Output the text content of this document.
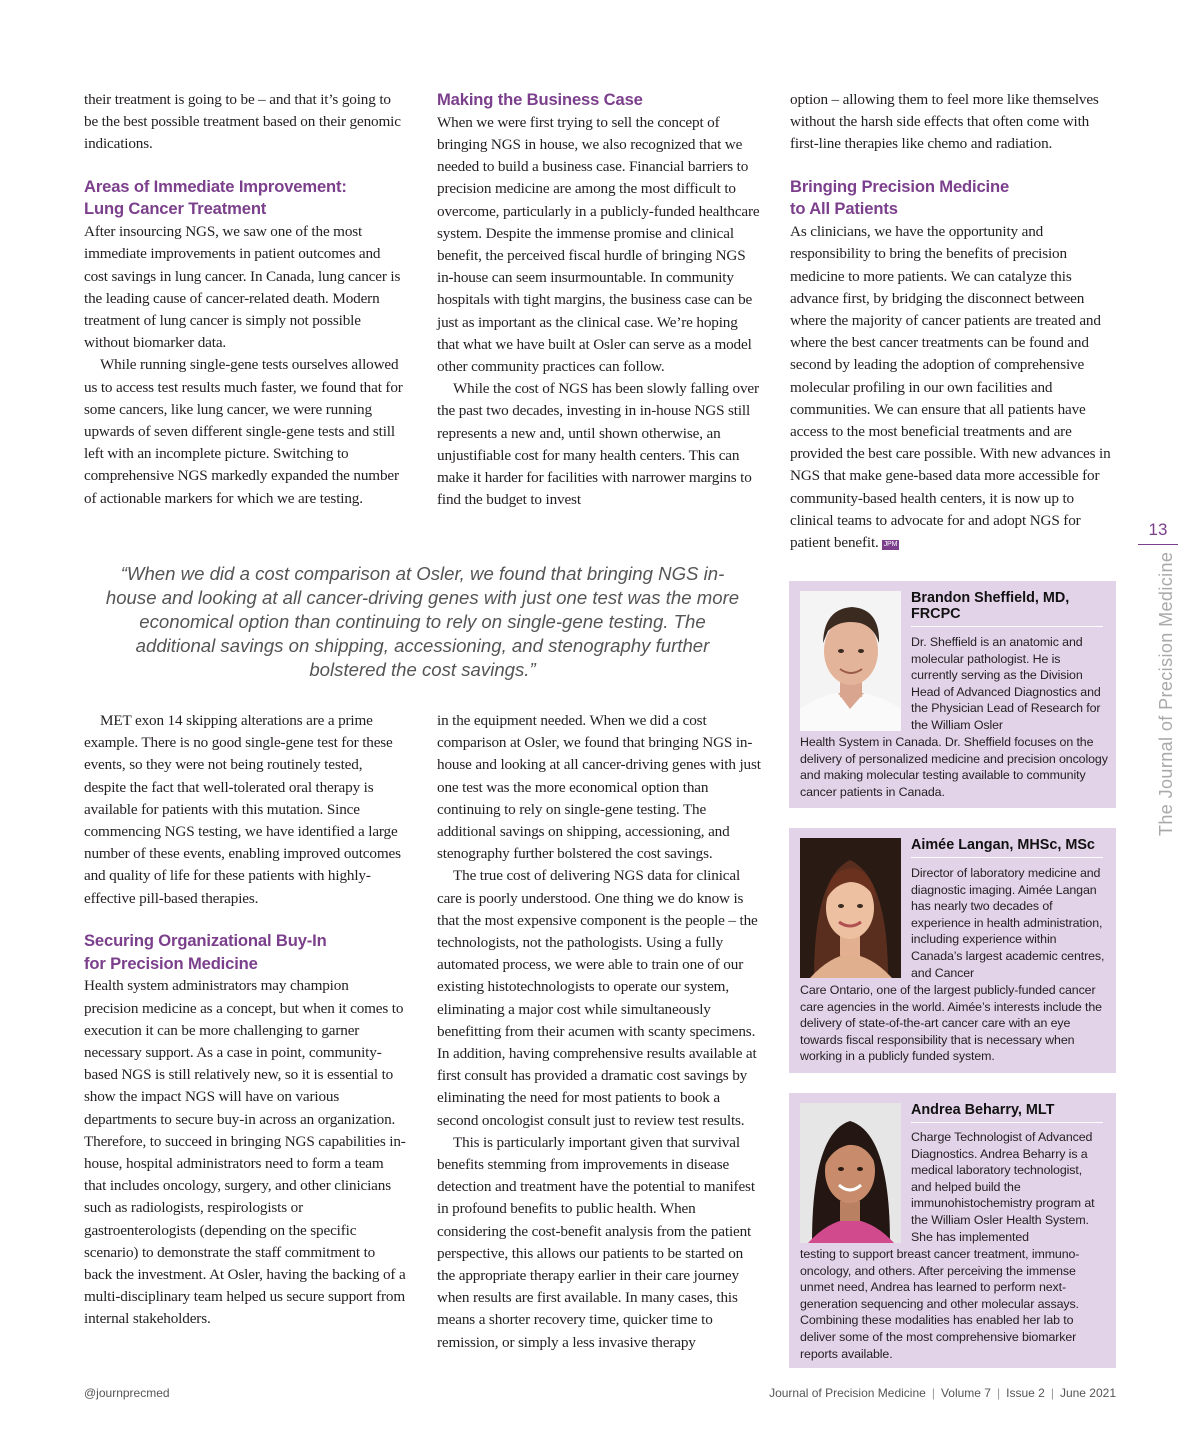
their treatment is going to be – and that it’s going to be the best possible treatment based on their genomic indications.

Areas of Immediate Improvement:
Lung Cancer Treatment

After insourcing NGS, we saw one of the most immediate improvements in patient outcomes and cost savings in lung cancer. In Canada, lung cancer is the leading cause of cancer-related death. Modern treatment of lung cancer is simply not possible without biomarker data.

While running single-gene tests ourselves allowed us to access test results much faster, we found that for some cancers, like lung cancer, we were running upwards of seven different single-gene tests and still left with an incomplete picture. Switching to comprehensive NGS markedly expanded the number of actionable markers for which we are testing.

Making the Business Case

When we were first trying to sell the concept of bringing NGS in house, we also recognized that we needed to build a business case. Financial barriers to precision medicine are among the most difficult to overcome, particularly in a publicly-funded healthcare system. Despite the immense promise and clinical benefit, the perceived fiscal hurdle of bringing NGS in-house can seem insurmountable. In community hospitals with tight margins, the business case can be just as important as the clinical case. We’re hoping that what we have built at Osler can serve as a model other community practices can follow.

While the cost of NGS has been slowly falling over the past two decades, investing in in-house NGS still represents a new and, until shown otherwise, an unjustifiable cost for many health centers. This can make it harder for facilities with narrower margins to find the budget to invest

option – allowing them to feel more like themselves without the harsh side effects that often come with first-line therapies like chemo and radiation.

Bringing Precision Medicine
to All Patients

As clinicians, we have the opportunity and responsibility to bring the benefits of precision medicine to more patients. We can catalyze this advance first, by bridging the disconnect between where the majority of cancer patients are treated and where the best cancer treatments can be found and second by leading the adoption of comprehensive molecular profiling in our own facilities and communities. We can ensure that all patients have access to the most beneficial treatments and are provided the best care possible. With new advances in NGS that make gene-based data more accessible for community-based health centers, it is now up to clinical teams to advocate for and adopt NGS for patient benefit. JPM

“When we did a cost comparison at Osler, we found that bringing NGS in-house and looking at all cancer-driving genes with just one test was the more economical option than continuing to rely on single-gene testing. The additional savings on shipping, accessioning, and stenography further bolstered the cost savings.”

MET exon 14 skipping alterations are a prime example. There is no good single-gene test for these events, so they were not being routinely tested, despite the fact that well-tolerated oral therapy is available for patients with this mutation. Since commencing NGS testing, we have identified a large number of these events, enabling improved outcomes and quality of life for these patients with highly-effective pill-based therapies.

Securing Organizational Buy-In
for Precision Medicine

Health system administrators may champion precision medicine as a concept, but when it comes to execution it can be more challenging to garner necessary support. As a case in point, community-based NGS is still relatively new, so it is essential to show the impact NGS will have on various departments to secure buy-in across an organization. Therefore, to succeed in bringing NGS capabilities in-house, hospital administrators need to form a team that includes oncology, surgery, and other clinicians such as radiologists, respirologists or gastroenterologists (depending on the specific scenario) to demonstrate the staff commitment to back the investment. At Osler, having the backing of a multi-disciplinary team helped us secure support from internal stakeholders.

in the equipment needed. When we did a cost comparison at Osler, we found that bringing NGS in-house and looking at all cancer-driving genes with just one test was the more economical option than continuing to rely on single-gene testing. The additional savings on shipping, accessioning, and stenography further bolstered the cost savings.

The true cost of delivering NGS data for clinical care is poorly understood. One thing we do know is that the most expensive component is the people – the technologists, not the pathologists. Using a fully automated process, we were able to train one of our existing histotechnologists to operate our system, eliminating a major cost while simultaneously benefitting from their acumen with scanty specimens. In addition, having comprehensive results available at first consult has provided a dramatic cost savings by eliminating the need for most patients to book a second oncologist consult just to review test results.

This is particularly important given that survival benefits stemming from improvements in disease detection and treatment have the potential to manifest in profound benefits to public health. When considering the cost-benefit analysis from the patient perspective, this allows our patients to be started on the appropriate therapy earlier in their care journey when results are first available. In many cases, this means a shorter recovery time, quicker time to remission, or simply a less invasive therapy

Brandon Sheffield, MD, FRCPC
Dr. Sheffield is an anatomic and molecular pathologist. He is currently serving as the Division Head of Advanced Diagnostics and the Physician Lead of Research for the William Osler
Health System in Canada. Dr. Sheffield focuses on the delivery of personalized medicine and precision oncology and making molecular testing available to community cancer patients in Canada.
Aimée Langan, MHSc, MSc
Director of laboratory medicine and diagnostic imaging. Aimée Langan has nearly two decades of experience in health administration, including experience within Canada’s largest academic centres, and Cancer
Care Ontario, one of the largest publicly-funded cancer care agencies in the world. Aimée’s interests include the delivery of state-of-the-art cancer care with an eye towards fiscal responsibility that is necessary when working in a publicly funded system.
Andrea Beharry, MLT
Charge Technologist of Advanced Diagnostics. Andrea Beharry is a medical laboratory technologist, and helped build the immunohistochemistry program at the William Osler Health System. She has implemented
testing to support breast cancer treatment, immuno-oncology, and others. After perceiving the immense unmet need, Andrea has learned to perform next-generation sequencing and other molecular assays. Combining these modalities has enabled her lab to deliver some of the most comprehensive biomarker reports available.
13
The Journal of Precision Medicine
@journprecmed	Journal of Precision Medicine | Volume 7 | Issue 2 | June 2021
